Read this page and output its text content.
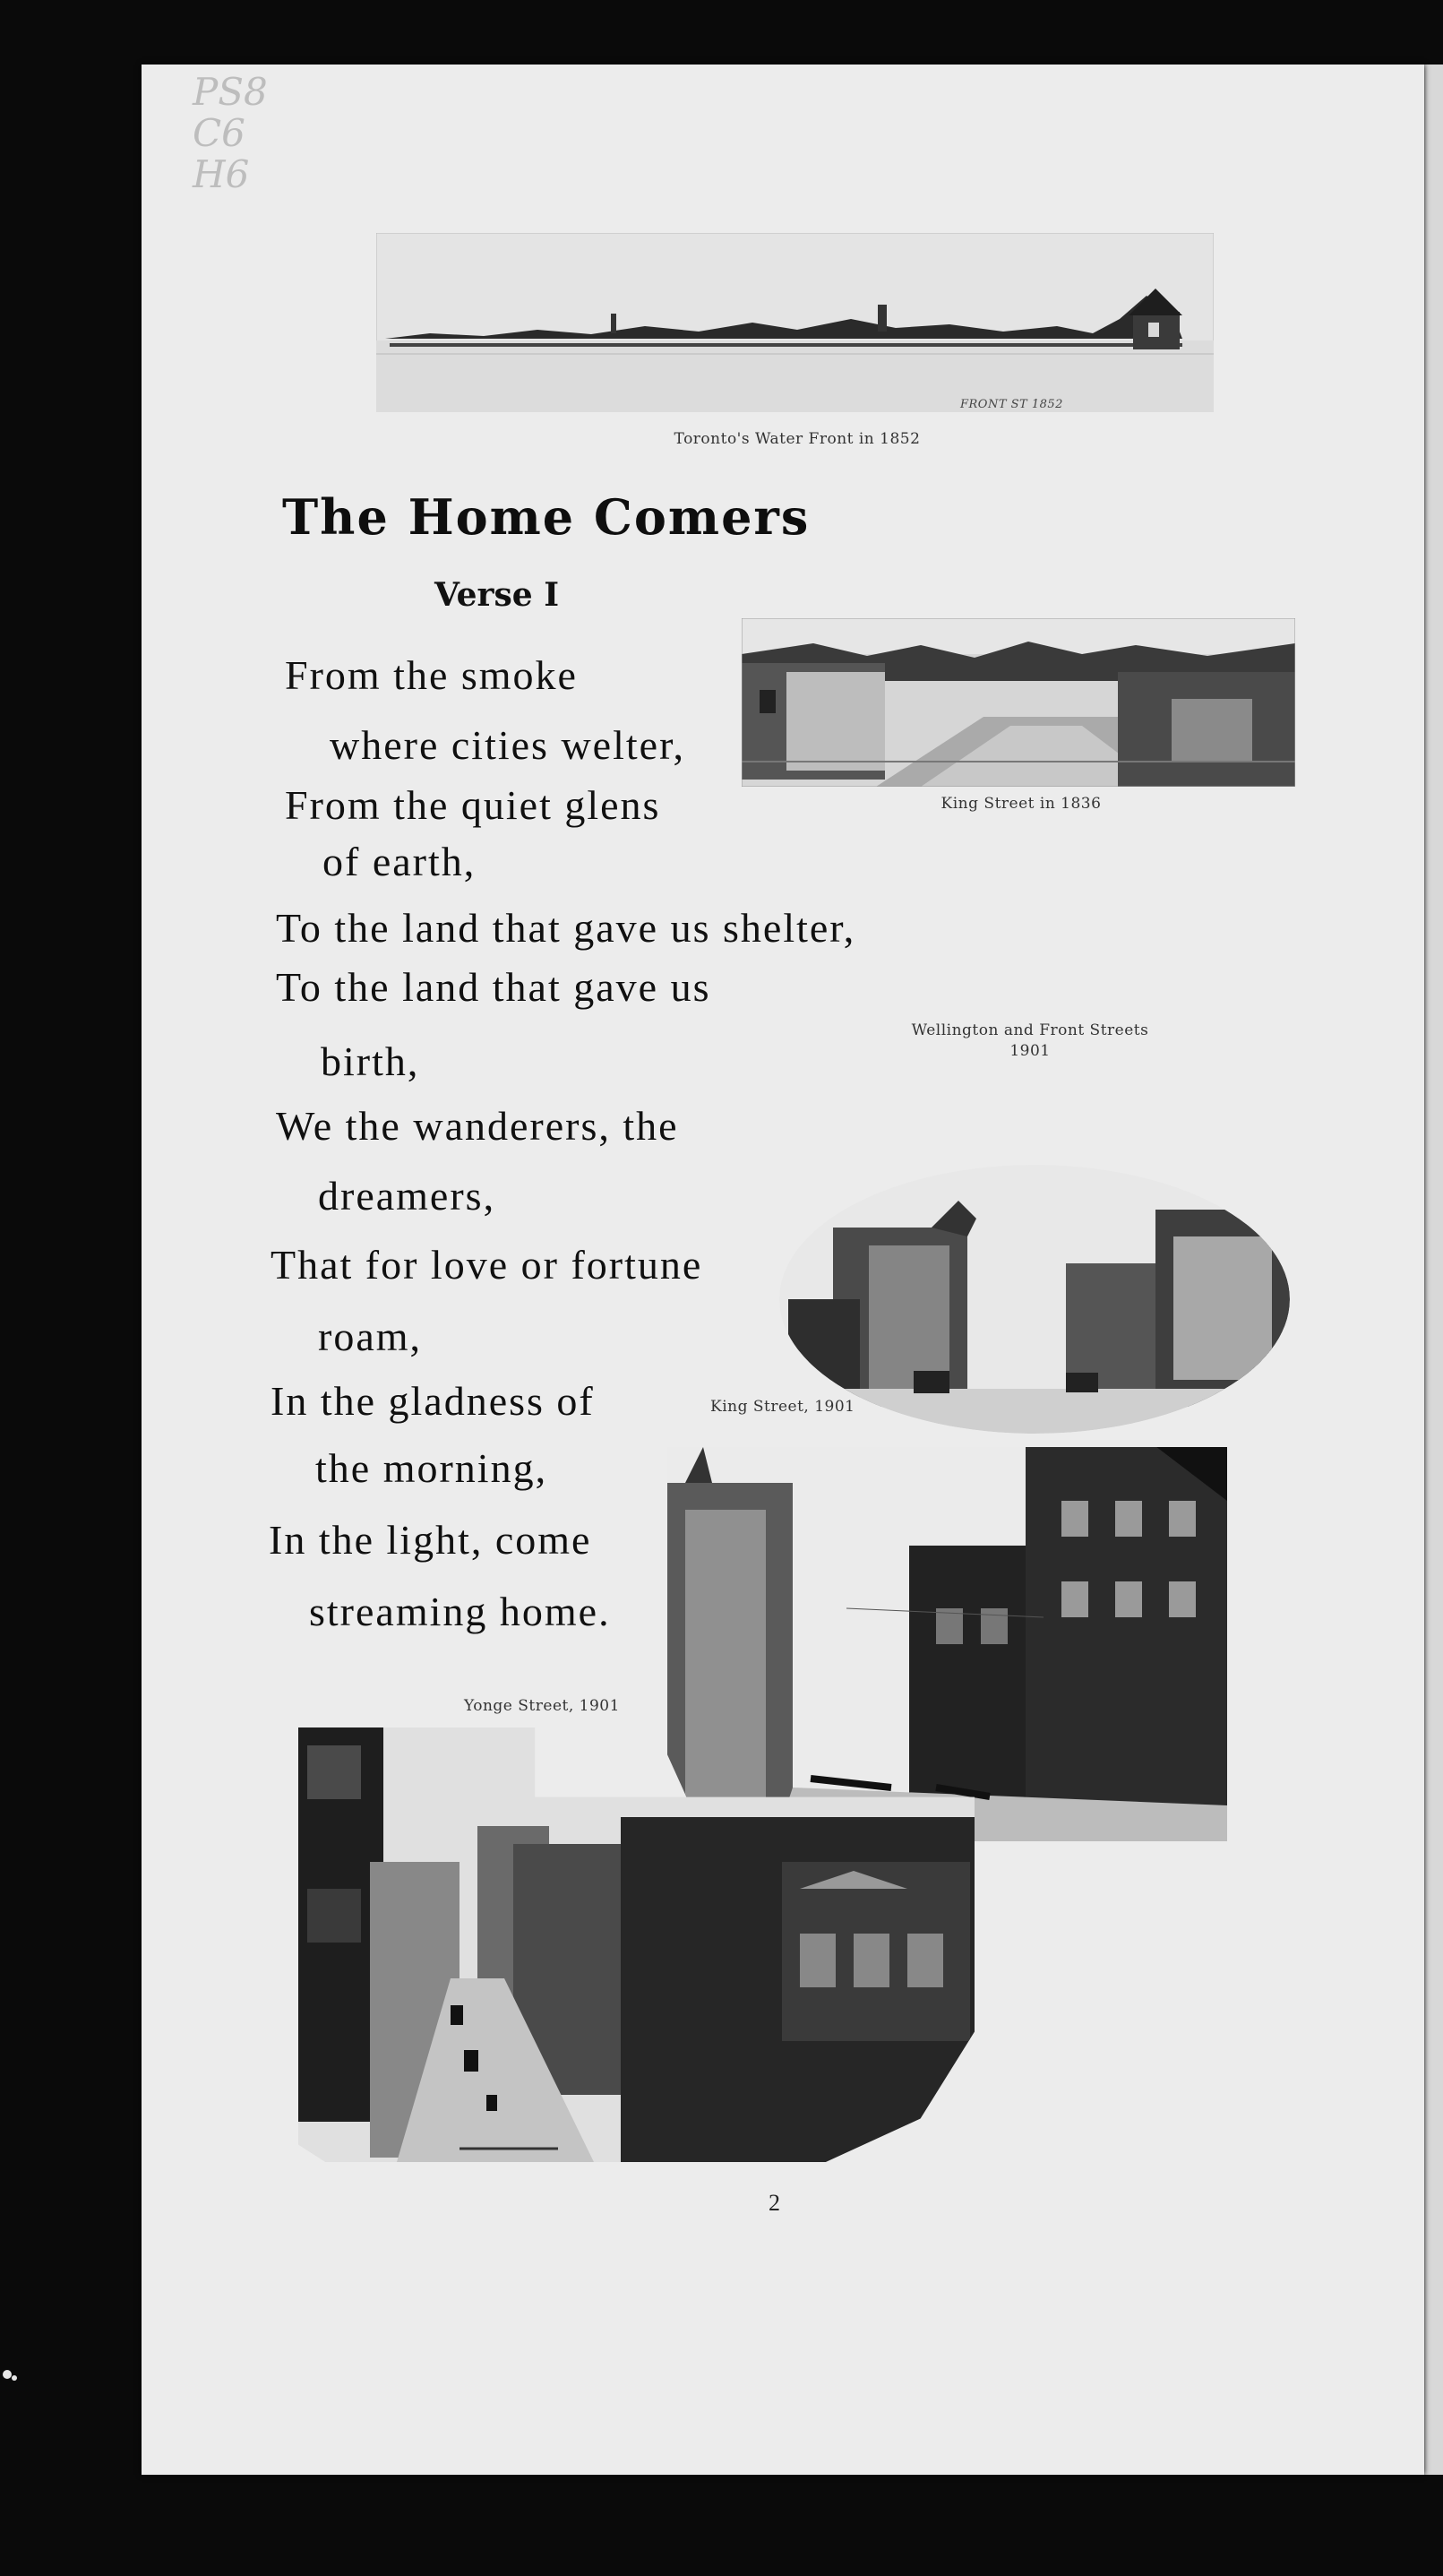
PS8
C6
H6
FRONT ST 1852
Toronto's Water Front in 1852
The Home Comers
Verse I
King Street in 1836
Wellington and Front Streets
1901
King Street, 1901
Yonge Street, 1901
From the smoke
where cities welter,
From the quiet glens
of earth,
To the land that gave us shelter,
To the land that gave us
birth,
We the wanderers, the
dreamers,
That for love or fortune
roam,
In the gladness of
the morning,
In the light, come
streaming home.
2
